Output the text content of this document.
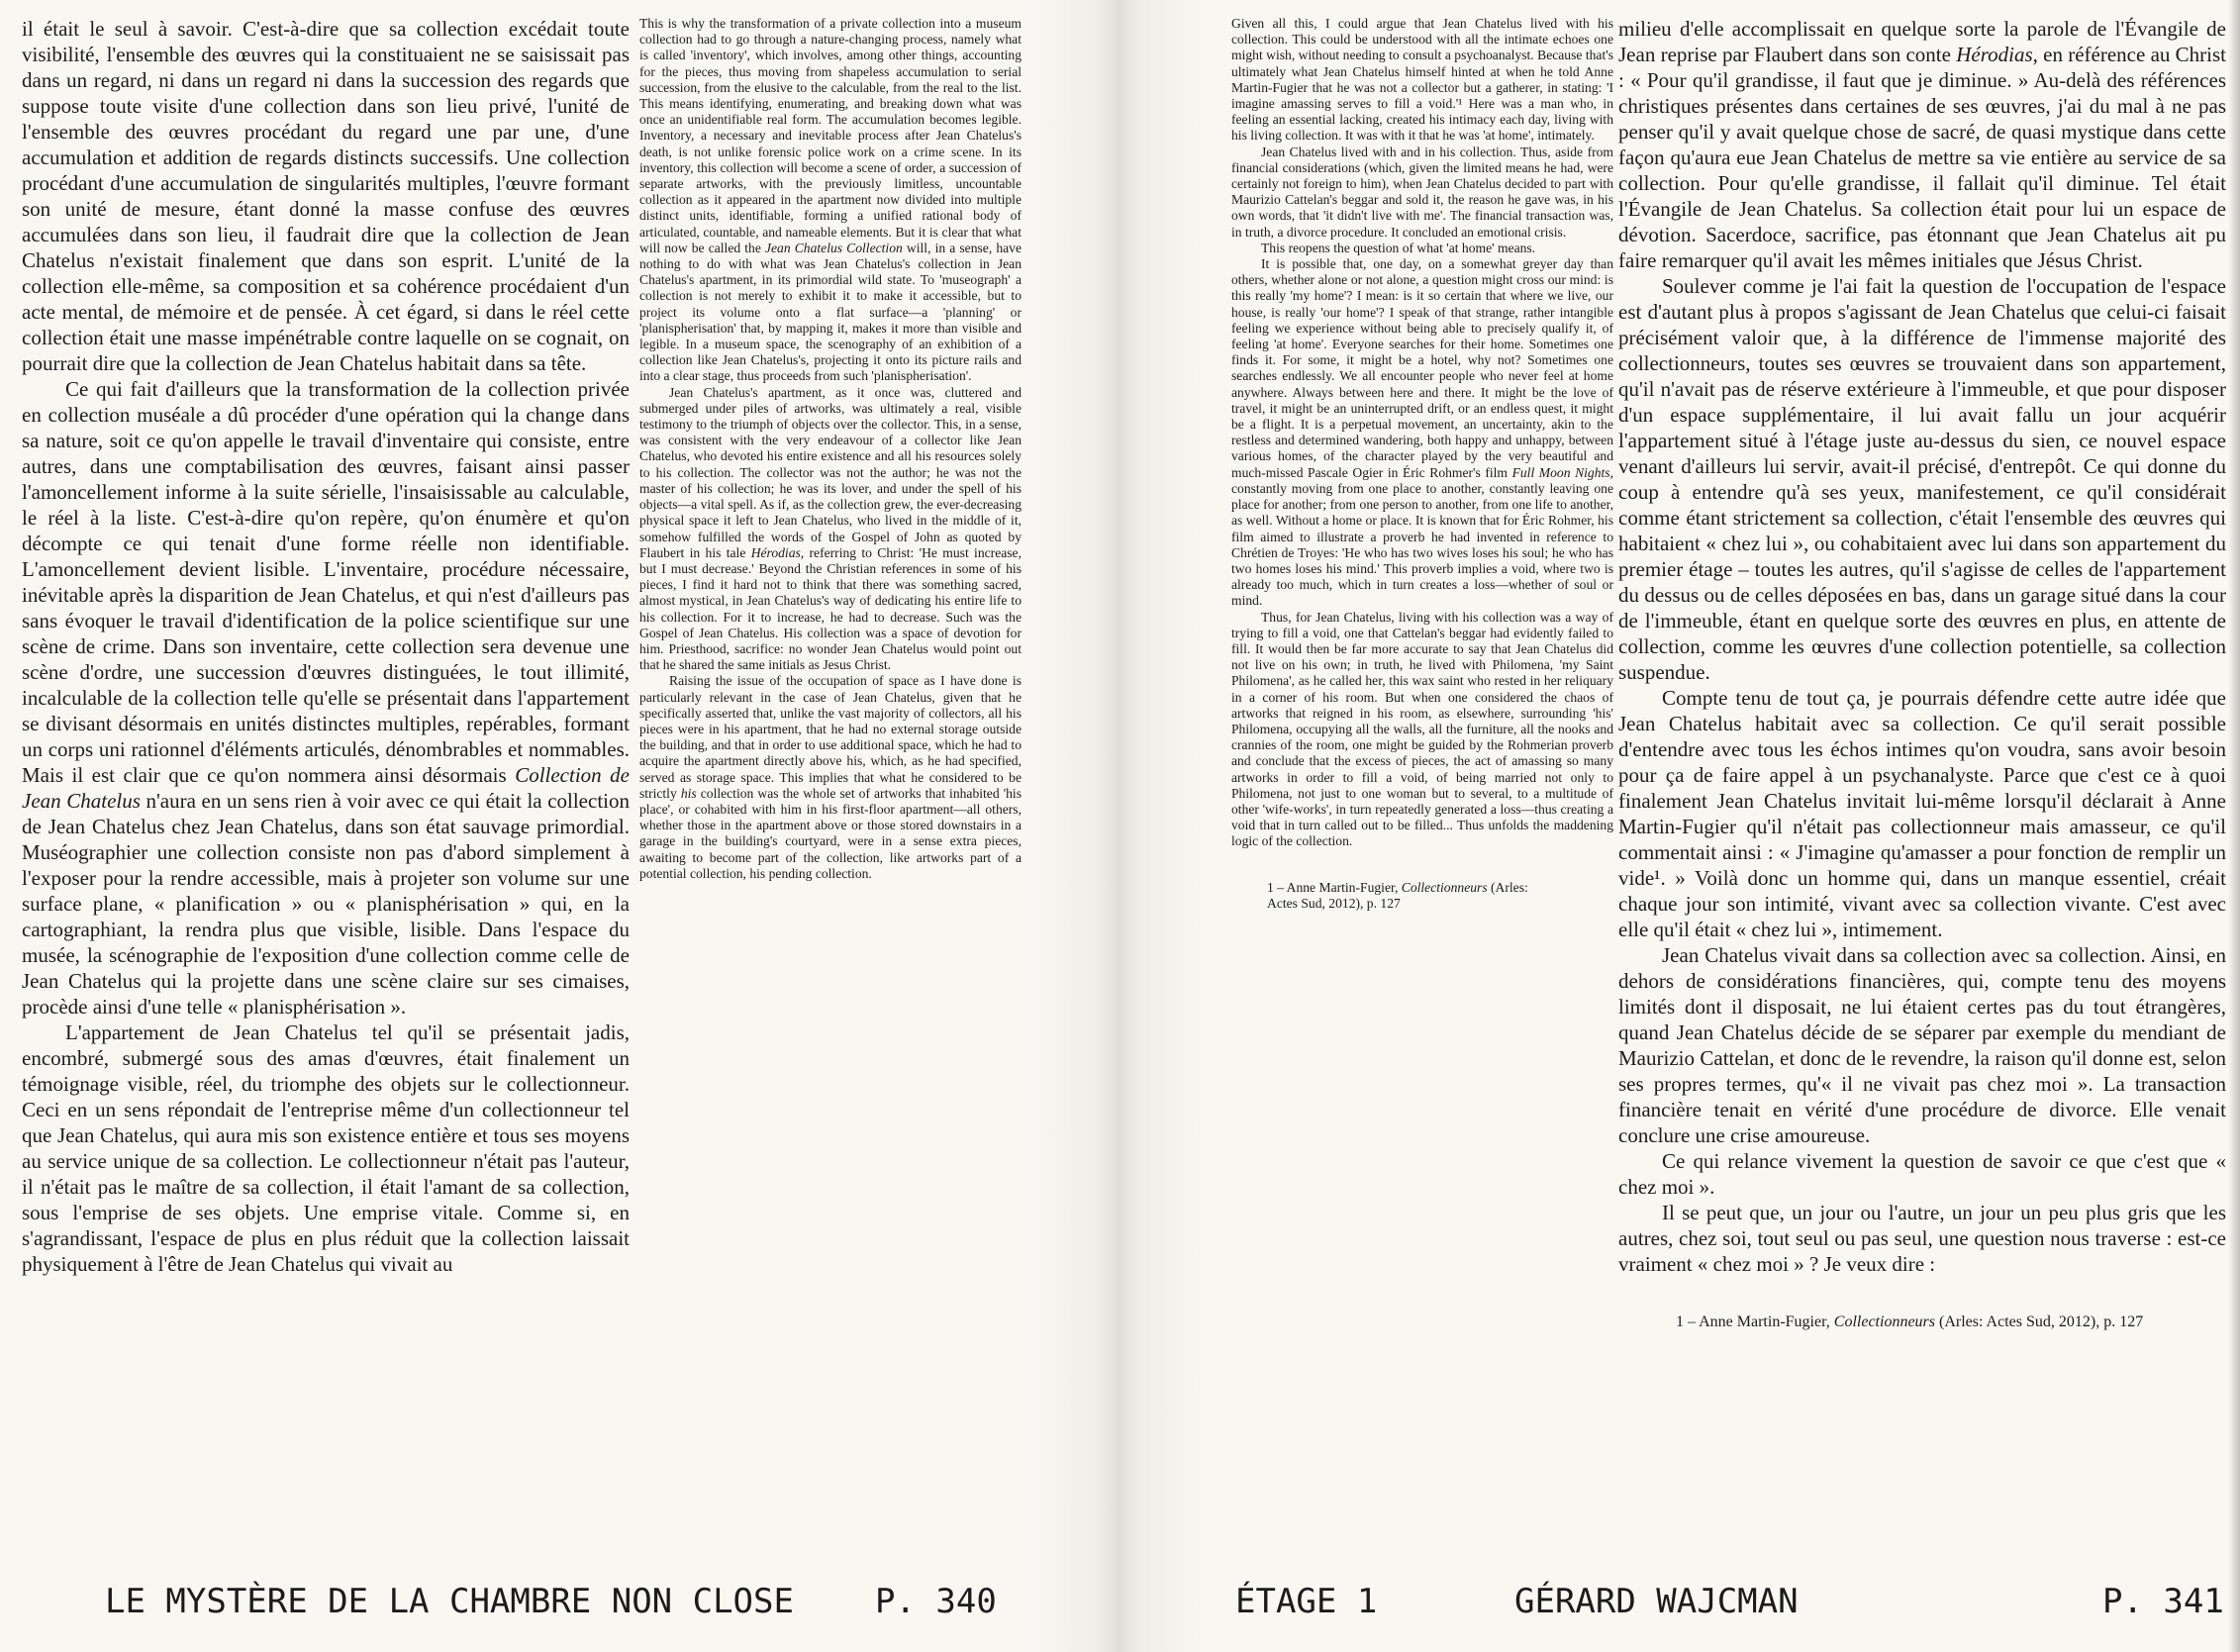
il était le seul à savoir. C'est-à-dire que sa collection excédait toute visibilité, l'ensemble des œuvres qui la constituaient ne se saisissait pas dans un regard, ni dans un regard ni dans la succession des regards que suppose toute visite d'une collection dans son lieu privé, l'unité de l'ensemble des œuvres procédant du regard une par une, d'une accumulation et addition de regards distincts successifs. Une collection procédant d'une accumulation de singularités multiples, l'œuvre formant son unité de mesure, étant donné la masse confuse des œuvres accumulées dans son lieu, il faudrait dire que la collection de Jean Chatelus n'existait finalement que dans son esprit. L'unité de la collection elle-même, sa composition et sa cohérence procédaient d'un acte mental, de mémoire et de pensée. À cet égard, si dans le réel cette collection était une masse impénétrable contre laquelle on se cognait, on pourrait dire que la collection de Jean Chatelus habitait dans sa tête.

Ce qui fait d'ailleurs que la transformation de la collection privée en collection muséale a dû procéder d'une opération qui la change dans sa nature, soit ce qu'on appelle le travail d'inventaire qui consiste, entre autres, dans une comptabilisation des œuvres, faisant ainsi passer l'amoncellement informe à la suite sérielle, l'insaisissable au calculable, le réel à la liste. C'est-à-dire qu'on repère, qu'on énumère et qu'on décompte ce qui tenait d'une forme réelle non identifiable. L'amoncellement devient lisible. L'inventaire, procédure nécessaire, inévitable après la disparition de Jean Chatelus, et qui n'est d'ailleurs pas sans évoquer le travail d'identification de la police scientifique sur une scène de crime. Dans son inventaire, cette collection sera devenue une scène d'ordre, une succession d'œuvres distinguées, le tout illimité, incalculable de la collection telle qu'elle se présentait dans l'appartement se divisant désormais en unités distinctes multiples, repérables, formant un corps uni rationnel d'éléments articulés, dénombrables et nommables. Mais il est clair que ce qu'on nommera ainsi désormais Collection de Jean Chatelus n'aura en un sens rien à voir avec ce qui était la collection de Jean Chatelus chez Jean Chatelus, dans son état sauvage primordial. Muséographier une collection consiste non pas d'abord simplement à l'exposer pour la rendre accessible, mais à projeter son volume sur une surface plane, « planification » ou « planisphérisation » qui, en la cartographiant, la rendra plus que visible, lisible. Dans l'espace du musée, la scénographie de l'exposition d'une collection comme celle de Jean Chatelus qui la projette dans une scène claire sur ses cimaises, procède ainsi d'une telle « planisphérisation ».

L'appartement de Jean Chatelus tel qu'il se présentait jadis, encombré, submergé sous des amas d'œuvres, était finalement un témoignage visible, réel, du triomphe des objets sur le collectionneur. Ceci en un sens répondait de l'entreprise même d'un collectionneur tel que Jean Chatelus, qui aura mis son existence entière et tous ses moyens au service unique de sa collection. Le collectionneur n'était pas l'auteur, il n'était pas le maître de sa collection, il était l'amant de sa collection, sous l'emprise de ses objets. Une emprise vitale. Comme si, en s'agrandissant, l'espace de plus en plus réduit que la collection laissait physiquement à l'être de Jean Chatelus qui vivait au

This is why the transformation of a private collection into a museum collection had to go through a nature-changing process, namely what is called 'inventory', which involves, among other things, accounting for the pieces, thus moving from shapeless accumulation to serial succession, from the elusive to the calculable, from the real to the list. This means identifying, enumerating, and breaking down what was once an unidentifiable real form. The accumulation becomes legible. Inventory, a necessary and inevitable process after Jean Chatelus's death, is not unlike forensic police work on a crime scene. In its inventory, this collection will become a scene of order, a succession of separate artworks, with the previously limitless, uncountable collection as it appeared in the apartment now divided into multiple distinct units, identifiable, forming a unified rational body of articulated, countable, and nameable elements. But it is clear that what will now be called the Jean Chatelus Collection will, in a sense, have nothing to do with what was Jean Chatelus's collection in Jean Chatelus's apartment, in its primordial wild state. To 'museograph' a collection is not merely to exhibit it to make it accessible, but to project its volume onto a flat surface—a 'planning' or 'planispherisation' that, by mapping it, makes it more than visible and legible. In a museum space, the scenography of an exhibition of a collection like Jean Chatelus's, projecting it onto its picture rails and into a clear stage, thus proceeds from such 'planispherisation'.

Jean Chatelus's apartment, as it once was, cluttered and submerged under piles of artworks, was ultimately a real, visible testimony to the triumph of objects over the collector. This, in a sense, was consistent with the very endeavour of a collector like Jean Chatelus, who devoted his entire existence and all his resources solely to his collection. The collector was not the author; he was not the master of his collection; he was its lover, and under the spell of his objects—a vital spell. As if, as the collection grew, the ever-decreasing physical space it left to Jean Chatelus, who lived in the middle of it, somehow fulfilled the words of the Gospel of John as quoted by Flaubert in his tale Hérodias, referring to Christ: 'He must increase, but I must decrease.' Beyond the Christian references in some of his pieces, I find it hard not to think that there was something sacred, almost mystical, in Jean Chatelus's way of dedicating his entire life to his collection. For it to increase, he had to decrease. Such was the Gospel of Jean Chatelus. His collection was a space of devotion for him. Priesthood, sacrifice: no wonder Jean Chatelus would point out that he shared the same initials as Jesus Christ.

Raising the issue of the occupation of space as I have done is particularly relevant in the case of Jean Chatelus, given that he specifically asserted that, unlike the vast majority of collectors, all his pieces were in his apartment, that he had no external storage outside the building, and that in order to use additional space, which he had to acquire the apartment directly above his, which, as he had specified, served as storage space. This implies that what he considered to be strictly his collection was the whole set of artworks that inhabited 'his place', or cohabited with him in his first-floor apartment—all others, whether those in the apartment above or those stored downstairs in a garage in the building's courtyard, were in a sense extra pieces, awaiting to become part of the collection, like artworks part of a potential collection, his pending collection.

Given all this, I could argue that Jean Chatelus lived with his collection. This could be understood with all the intimate echoes one might wish, without needing to consult a psychoanalyst. Because that's ultimately what Jean Chatelus himself hinted at when he told Anne Martin-Fugier that he was not a collector but a gatherer, in stating: 'I imagine amassing serves to fill a void.'¹ Here was a man who, in feeling an essential lacking, created his intimacy each day, living with his living collection. It was with it that he was 'at home', intimately.

Jean Chatelus lived with and in his collection. Thus, aside from financial considerations (which, given the limited means he had, were certainly not foreign to him), when Jean Chatelus decided to part with Maurizio Cattelan's beggar and sold it, the reason he gave was, in his own words, that 'it didn't live with me'. The financial transaction was, in truth, a divorce procedure. It concluded an emotional crisis.

This reopens the question of what 'at home' means.

It is possible that, one day, on a somewhat greyer day than others, whether alone or not alone, a question might cross our mind: is this really 'my home'? I mean: is it so certain that where we live, our house, is really 'our home'? I speak of that strange, rather intangible feeling we experience without being able to precisely qualify it, of feeling 'at home'. Everyone searches for their home. Sometimes one finds it. For some, it might be a hotel, why not? Sometimes one searches endlessly. We all encounter people who never feel at home anywhere. Always between here and there. It might be the love of travel, it might be an uninterrupted drift, or an endless quest, it might be a flight. It is a perpetual movement, an uncertainty, akin to the restless and determined wandering, both happy and unhappy, between various homes, of the character played by the very beautiful and much-missed Pascale Ogier in Éric Rohmer's film Full Moon Nights, constantly moving from one place to another, constantly leaving one place for another; from one person to another, from one life to another, as well. Without a home or place. It is known that for Éric Rohmer, his film aimed to illustrate a proverb he had invented in reference to Chrétien de Troyes: 'He who has two wives loses his soul; he who has two homes loses his mind.' This proverb implies a void, where two is already too much, which in turn creates a loss—whether of soul or mind.

Thus, for Jean Chatelus, living with his collection was a way of trying to fill a void, one that Cattelan's beggar had evidently failed to fill. It would then be far more accurate to say that Jean Chatelus did not live on his own; in truth, he lived with Philomena, 'my Saint Philomena', as he called her, this wax saint who rested in her reliquary in a corner of his room. But when one considered the chaos of artworks that reigned in his room, as elsewhere, surrounding 'his' Philomena, occupying all the walls, all the furniture, all the nooks and crannies of the room, one might be guided by the Rohmerian proverb and conclude that the excess of pieces, the act of amassing so many artworks in order to fill a void, of being married not only to Philomena, not just to one woman but to several, to a multitude of other 'wife-works', in turn repeatedly generated a loss—thus creating a void that in turn called out to be filled... Thus unfolds the maddening logic of the collection.

1 – Anne Martin-Fugier, Collectionneurs (Arles: Actes Sud, 2012), p. 127

milieu d'elle accomplissait en quelque sorte la parole de l'Évangile de Jean reprise par Flaubert dans son conte Hérodias, en référence au Christ : « Pour qu'il grandisse, il faut que je diminue. » Au-delà des références christiques présentes dans certaines de ses œuvres, j'ai du mal à ne pas penser qu'il y avait quelque chose de sacré, de quasi mystique dans cette façon qu'aura eue Jean Chatelus de mettre sa vie entière au service de sa collection. Pour qu'elle grandisse, il fallait qu'il diminue. Tel était l'Évangile de Jean Chatelus. Sa collection était pour lui un espace de dévotion. Sacerdoce, sacrifice, pas étonnant que Jean Chatelus ait pu faire remarquer qu'il avait les mêmes initiales que Jésus Christ.

Soulever comme je l'ai fait la question de l'occupation de l'espace est d'autant plus à propos s'agissant de Jean Chatelus que celui-ci faisait précisément valoir que, à la différence de l'immense majorité des collectionneurs, toutes ses œuvres se trouvaient dans son appartement, qu'il n'avait pas de réserve extérieure à l'immeuble, et que pour disposer d'un espace supplémentaire, il lui avait fallu un jour acquérir l'appartement situé à l'étage juste au-dessus du sien, ce nouvel espace venant d'ailleurs lui servir, avait-il précisé, d'entrepôt. Ce qui donne du coup à entendre qu'à ses yeux, manifestement, ce qu'il considérait comme étant strictement sa collection, c'était l'ensemble des œuvres qui habitaient « chez lui », ou cohabitaient avec lui dans son appartement du premier étage – toutes les autres, qu'il s'agisse de celles de l'appartement du dessus ou de celles déposées en bas, dans un garage situé dans la cour de l'immeuble, étant en quelque sorte des œuvres en plus, en attente de collection, comme les œuvres d'une collection potentielle, sa collection suspendue.

Compte tenu de tout ça, je pourrais défendre cette autre idée que Jean Chatelus habitait avec sa collection. Ce qu'il serait possible d'entendre avec tous les échos intimes qu'on voudra, sans avoir besoin pour ça de faire appel à un psychanalyste. Parce que c'est ce à quoi finalement Jean Chatelus invitait lui-même lorsqu'il déclarait à Anne Martin-Fugier qu'il n'était pas collectionneur mais amasseur, ce qu'il commentait ainsi : « J'imagine qu'amasser a pour fonction de remplir un vide¹. » Voilà donc un homme qui, dans un manque essentiel, créait chaque jour son intimité, vivant avec sa collection vivante. C'est avec elle qu'il était « chez lui », intimement.

Jean Chatelus vivait dans sa collection avec sa collection. Ainsi, en dehors de considérations financières, qui, compte tenu des moyens limités dont il disposait, ne lui étaient certes pas du tout étrangères, quand Jean Chatelus décide de se séparer par exemple du mendiant de Maurizio Cattelan, et donc de le revendre, la raison qu'il donne est, selon ses propres termes, qu'« il ne vivait pas chez moi ». La transaction financière tenait en vérité d'une procédure de divorce. Elle venait conclure une crise amoureuse.

Ce qui relance vivement la question de savoir ce que c'est que « chez moi ».

Il se peut que, un jour ou l'autre, un jour un peu plus gris que les autres, chez soi, tout seul ou pas seul, une question nous traverse : est-ce vraiment « chez moi » ? Je veux dire :

1 – Anne Martin-Fugier, Collectionneurs (Arles: Actes Sud, 2012), p. 127
LE MYSTÈRE DE LA CHAMBRE NON CLOSE P. 340	ÉTAGE 1	GÉRARD WAJCMAN	P. 341
